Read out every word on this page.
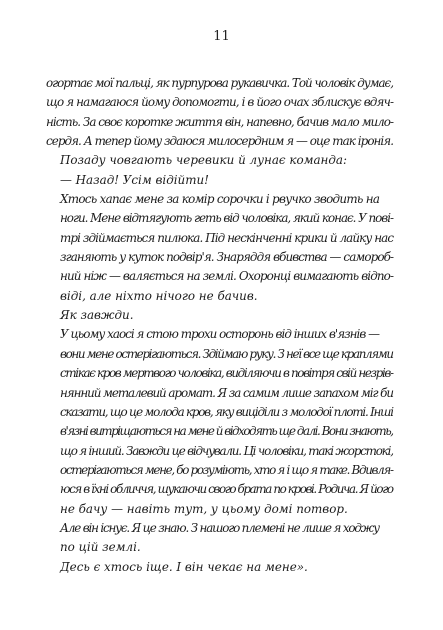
11

огортає мої пальці, як пурпурова рукавичка. Той чоловік думає,
що я намагаюся йому допомогти, і в його очах зблискує вдяч-
ність. За своє коротке життя він, напевно, бачив мало мило-
сердя. А тепер йому здаюся милосердним я — оце так іронія.

Позаду човгають черевики й лунає команда:

— Назад! Усім відійти!

Хтось хапає мене за комір сорочки і рвучко зводить на
ноги. Мене відтягують геть від чоловіка, який конає. У пові-
трі здіймається пилюка. Під нескінченні крики й лайку нас
зганяють у куток подвір'я. Знаряддя вбивства — самороб-
ний ніж — валяється на землі. Охоронці вимагають відпо-
віді, але ніхто нічого не бачив.

Як завжди.

У цьому хаосі я стою трохи осторонь від інших в'язнів —
вони мене остерігаються. Здіймаю руку. З неї все ще краплями
стікає кров мертвого чоловіка, виділяючи в повітря свій незрів-
нянний металевий аромат. Я за самим лише запахом міг би
сказати, що це молода кров, яку виціділи з молодої плоті. Інші
в'язні витріщаються на мене й відходять ще далі. Вони знають,
що я інший. Завжди це відчували. Ці чоловіки, такі жорстокі,
остерігаються мене, бо розуміють, хто я і що я таке. Вдивля-
юся в їхні обличчя, шукаючи свого брата по крові. Родича. Я його
не бачу — навіть тут, у цьому домі потвор.

Але він існує. Я це знаю. З нашого племені не лише я ходжу
по цій землі.

Десь є хтось іще. І він чекає на мене».
